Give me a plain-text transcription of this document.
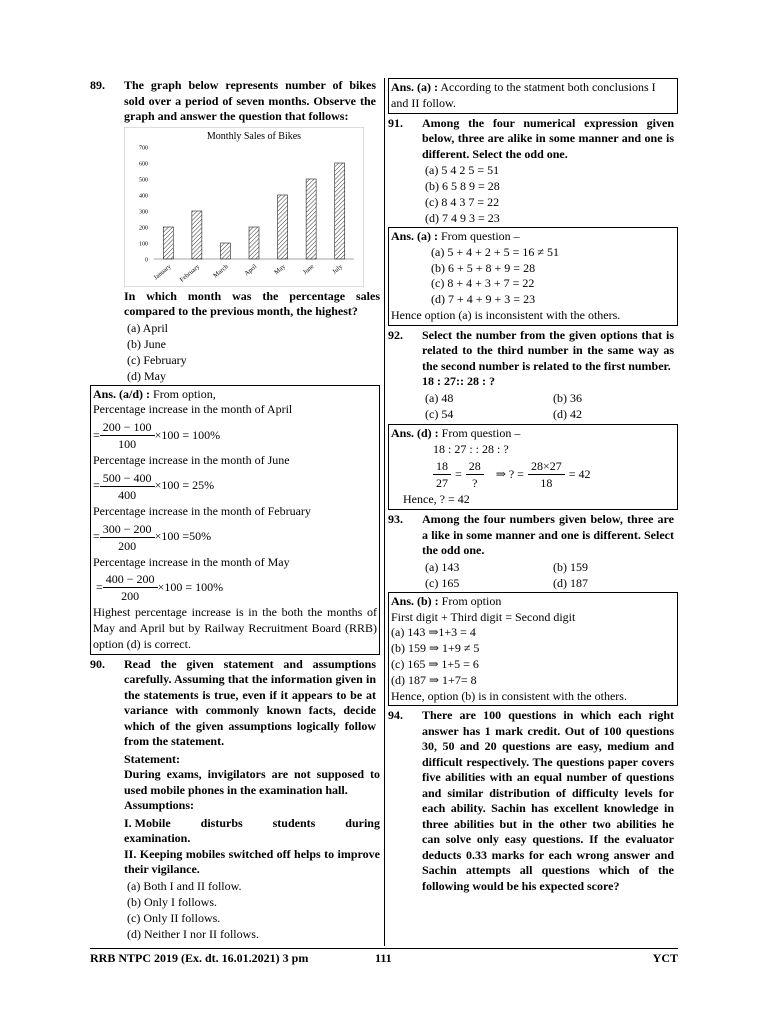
89. The graph below represents number of bikes sold over a period of seven months. Observe the graph and answer the question that follows:
Monthly Sales of Bikes
0
100
200
300
400
500
600
700
January February March April May June July
In which month was the percentage sales compared to the previous month, the highest?
(a) April
(b) June
(c) February
(d) May
Ans. (a/d) : From option,
Percentage increase in the month of April
= $\frac{200 - 100}{100} \times 100 = 100\%$
Percentage increase in the month of June
= $\frac{500 - 400}{400} \times 100 = 25\%$
Percentage increase in the month of February
= $\frac{300 - 200}{200} \times 100 =50\%$
Percentage increase in the month of May
= $\frac{400 - 200}{200} \times 100 = 100\%$
Highest percentage increase is in the both the months of May and April but by Railway Recruitment Board (RRB) option (d) is correct.
90. Read the given statement and assumptions carefully. Assuming that the information given in the statements is true, even if it appears to be at variance with commonly known facts, decide which of the given assumptions logically follow from the statement.
Statement:
During exams, invigilators are not supposed to used mobile phones in the examination hall.
Assumptions:
I. Mobile disturbs students during
examination.
II. Keeping mobiles switched off helps to improve their vigilance.
(a) Both I and II follow.
(b) Only I follows.
(c) Only II follows.
(d) Neither I nor II follows.
Ans. (a) : According to the statment both conclusions I and II follow.
91. Among the four numerical expression given below, three are alike in some manner and one is different. Select the odd one.
(a) 5 4 2 5 = 51
(b) 6 5 8 9 = 28
(c) 8 4 3 7 = 22
(d) 7 4 9 3 = 23
Ans. (a) : From question –
(a) 5 + 4 + 2 + 5 = 16 ≠ 51
(b) 6 + 5 + 8 + 9 = 28
(c) 8 + 4 + 3 + 7 = 22
(d) 7 + 4 + 9 + 3 = 23
Hence option (a) is inconsistent with the others.
92. Select the number from the given options that is related to the third number in the same way as the second number is related to the first number.
18 : 27:: 28 : ?
(a) 48	(b) 36
(c) 54	(d) 42
Ans. (d) : From question –
18 : 27 : : 28 : ?
$\frac{18}{27} = \frac{28}{?}$ ⇒ ? = $\frac{28\times 27}{18} = 42$
Hence, ? = 42
93. Among the four numbers given below, three are a like in some manner and one is different. Select the odd one.
(a) 143	(b) 159
(c) 165	(d) 187
Ans. (b) : From option
First digit + Third digit = Second digit
(a) 143 ⇒1+3 = 4
(b) 159 ⇒ 1+9 ≠ 5
(c) 165 ⇒ 1+5 = 6
(d) 187 ⇒ 1+7= 8
Hence, option (b) is in consistent with the others.
94. There are 100 questions in which each right answer has 1 mark credit. Out of 100 questions 30, 50 and 20 questions are easy, medium and difficult respectively. The questions paper covers five abilities with an equal number of questions and similar distribution of difficulty levels for each ability. Sachin has excellent knowledge in three abilities but in the other two abilities he can solve only easy questions. If the evaluator deducts 0.33 marks for each wrong answer and Sachin attempts all questions which of the following would be his expected score?
RRB NTPC 2019 (Ex. dt. 16.01.2021) 3 pm	111	YCT
